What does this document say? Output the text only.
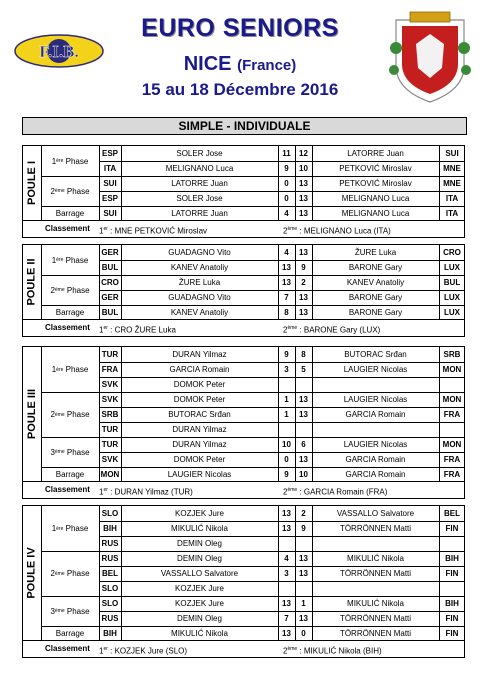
F.I.B.
EURO SENIORS
NICE (France)
15 au 18 Décembre 2016
SIMPLE - INDIVIDUALE
POULE I 1 ère Phase
2 ème Phase
Barrage
ESP	SOLER Jose	11	12	LATORRE Juan	SUI
ITA	MELIGNANO Luca	9	10	PETKOVIĆ Miroslav	MNE
SUI	LATORRE Juan	0	13	PETKOVIĆ Miroslav	MNE
ESP	SOLER Jose	0	13	MELIGNANO Luca	ITA
SUI	LATORRE Juan	4	13	MELIGNANO Luca	ITA
Classement 1er : MNE PETKOVIĆ Miroslav	2ème : MELIGNANO Luca (ITA)
POULE II 1 ère Phase
2 ème Phase
Barrage
GER	GUADAGNO Vito	4	13	ŽURE Luka	CRO
BUL	KANEV Anatoliy	13	9	BARONE Gary	LUX
CRO	ŽURE Luka	13	2	KANEV Anatoliy	BUL
GER	GUADAGNO Vito	7	13	BARONE Gary	LUX
BUL	KANEV Anatoliy	8	13	BARONE Gary	LUX
Classement 1er : CRO ŽURE Luka	2ème : BARONE Gary (LUX)
POULE III
1 ère Phase
2 ème Phase
3 ème Phase
Barrage
TUR	DURAN Yilmaz	9	8	BUTORAC Srđan	SRB
FRA	GARCIA Romain	3	5	LAUGIER Nicolas	MON
SVK	DOMOK Peter
SVK	DOMOK Peter	1	13	LAUGIER Nicolas	MON
SRB	BUTORAC Srđan	1	13	GARCIA Romain	FRA
TUR	DURAN Yilmaz
TUR	DURAN Yilmaz	10	6	LAUGIER Nicolas	MON
SVK	DOMOK Peter	0	13	GARCIA Romain	FRA
MON	LAUGIER Nicolas	9	10	GARCIA Romain	FRA
Classement 1er : DURAN Yilmaz (TUR)	2ème : GARCIA Romain (FRA)
POULE IV
1 ère Phase
2 ème Phase
3 ème Phase
Barrage
SLO	KOZJEK Jure	13	2	VASSALLO Salvatore	BEL
BIH	MIKULIĆ Nikola	13	9	TÖRRÖNNEN Matti	FIN
RUS	DEMIN Oleg
RUS	DEMIN Oleg	4	13	MIKULIĆ Nikola	BIH
BEL	VASSALLO Salvatore	3	13	TÖRRÖNNEN Matti	FIN
SLO	KOZJEK Jure
SLO	KOZJEK Jure	13	1	MIKULIĆ Nikola	BIH
RUS	DEMIN Oleg	7	13	TÖRRÖNNEN Matti	FIN
BIH	MIKULIĆ Nikola	13	0	TÖRRÖNNEN Matti	FIN
Classement 1er : KOZJEK Jure (SLO)	2ème : MIKULIĆ Nikola (BIH)
